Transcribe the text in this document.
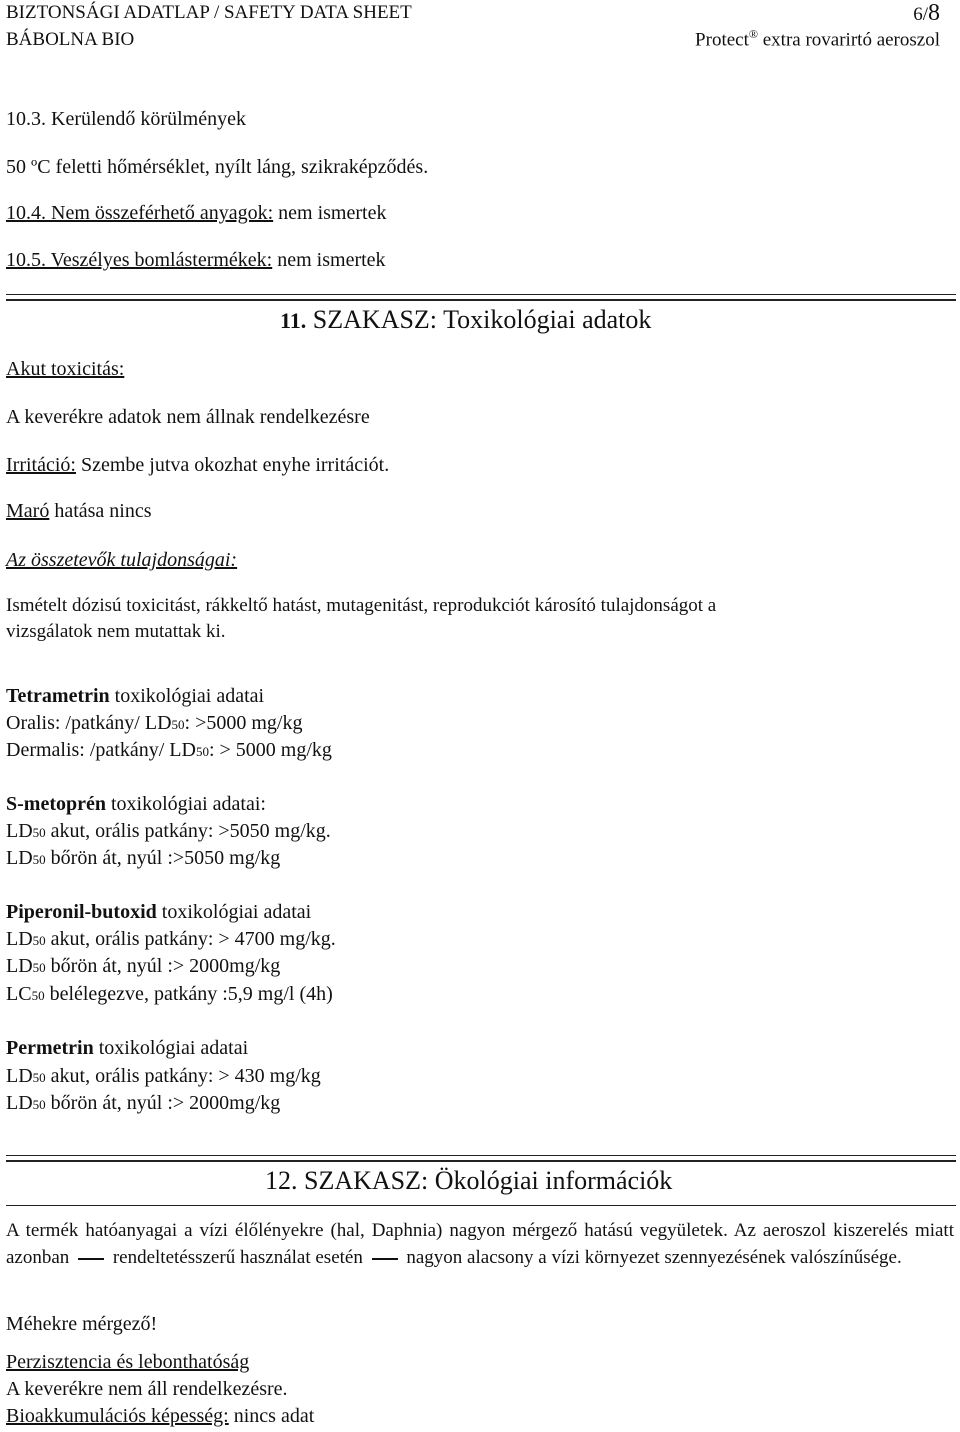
BIZTONSÁGI ADATLAP / SAFETY DATA SHEET	6/8
BÁBOLNA BIO	Protect® extra rovarirtó aeroszol
10.3. Kerülendő körülmények
50 ºC feletti hőmérséklet, nyílt láng, szikraképződés.
10.4. Nem összeférhető anyagok: nem ismertek
10.5. Veszélyes bomlástermékek: nem ismertek
11. SZAKASZ: Toxikológiai adatok
Akut toxicitás:
A keverékre adatok nem állnak rendelkezésre
Irritáció: Szembe jutva okozhat enyhe irritációt.
Maró hatása nincs
Az összetevők tulajdonságai:
Ismételt dózisú toxicitást, rákkeltő hatást, mutagenitást, reprodukciót károsító tulajdonságot a
vizsgálatok nem mutattak ki.
Tetrametrin toxikológiai adatai
Oralis: /patkány/ LD50: >5000 mg/kg
Dermalis: /patkány/ LD50: > 5000 mg/kg
S-metoprén toxikológiai adatai:
LD50 akut, orális patkány: >5050 mg/kg.
LD50 bőrön át, nyúl :>5050 mg/kg
Piperonil-butoxid toxikológiai adatai
LD50 akut, orális patkány: > 4700 mg/kg.
LD50 bőrön át, nyúl :> 2000mg/kg
LC50 belélegezve, patkány :5,9 mg/l (4h)
Permetrin toxikológiai adatai
LD50 akut, orális patkány: > 430 mg/kg
LD50 bőrön át, nyúl :> 2000mg/kg
12. SZAKASZ: Ökológiai információk
A termék hatóanyagai a vízi élőlényekre (hal, Daphnia) nagyon mérgező hatású vegyületek. Az aeroszol kiszerelés miatt azonban rendeltetésszerű használat esetén nagyon alacsony a vízi környezet szennyezésének valószínűsége.
Méhekre mérgező!
Perzisztencia és lebonthatóság
A keverékre nem áll rendelkezésre.
Bioakkumulációs képesség: nincs adat
